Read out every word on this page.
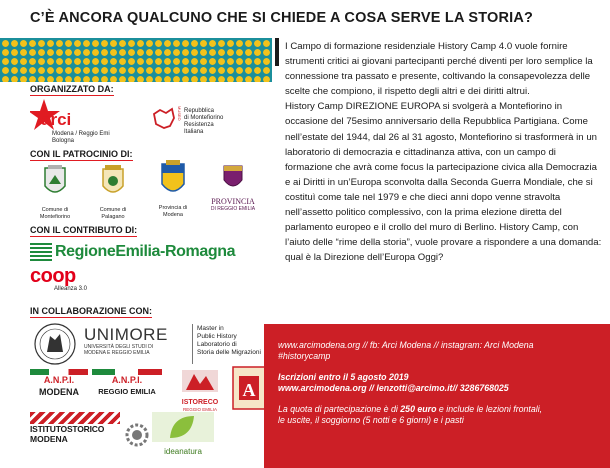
C’È ANCORA QUALCUNO CHE SI CHIEDE A COSA SERVE LA STORIA?
ORGANIZZATO DA:
arci
Modena / Reggio Emilia
Bologna
MUSEO Repubblica
di Montefiorino
Resistenza
Italiana
CON IL PATROCINIO DI:
Comune di
Montefiorino
Comune di
Palagano
Provincia di
Modena
PROVINCIA
DI REGGIO EMILIA
CON IL CONTRIBUTO DI:
RegioneEmilia-Romagna
coop
Alleanza 3.0
IN COLLABORAZIONE CON:
UNIMORE
UNIVERSITÀ DEGLI STUDI DI
MODENA E REGGIO EMILIA
Master in
Public History
Laboratorio di
Storia delle Migrazioni
A.N.P.I.
MODENA
A.N.P.I.
REGGIO EMILIA
ISTORECO
REGGIO EMILIA
A
ISTITUTOSTORICO
MODENA
ideanatura

I Campo di formazione residenziale History Camp 4.0 vuole fornire strumenti critici ai giovani partecipanti perché diventi per loro semplice la connessione tra passato e presente, coltivando la consapevolezza delle scelte che compiono, il rispetto degli altri e dei diritti altrui.

History Camp DIREZIONE EUROPA si svolgerà a Montefiorino in occasione del 75esimo anniversario della Repubblica Partigiana. Come nell’estate del 1944, dal 26 al 31 agosto, Montefiorino si trasformerà in un laboratorio di democrazia e cittadinanza attiva, con un campo di formazione che avrà come focus la partecipazione civica alla Democrazia e ai Diritti in un’Europa sconvolta dalla Seconda Guerra Mondiale, che si costituì come tale nel 1979 e che dieci anni dopo venne stravolta nell’assetto politico complessivo, con la prima elezione diretta del parlamento europeo e il crollo del muro di Berlino. History Camp, con l’aiuto delle “rime della storia”, vuole provare a rispondere a una domanda: qual è la Direzione dell’Europa Oggi?

www.arcimodena.org // fb: Arci Modena // instagram: Arci Modena
#historycamp
Iscrizioni entro il 5 agosto 2019
www.arcimodena.org // lenzotti@arcimo.it// 3286768025
La quota di partecipazione è di 250 euro e include le lezioni frontali,
le uscite, il soggiorno (5 notti e 6 giorni) e i pasti
